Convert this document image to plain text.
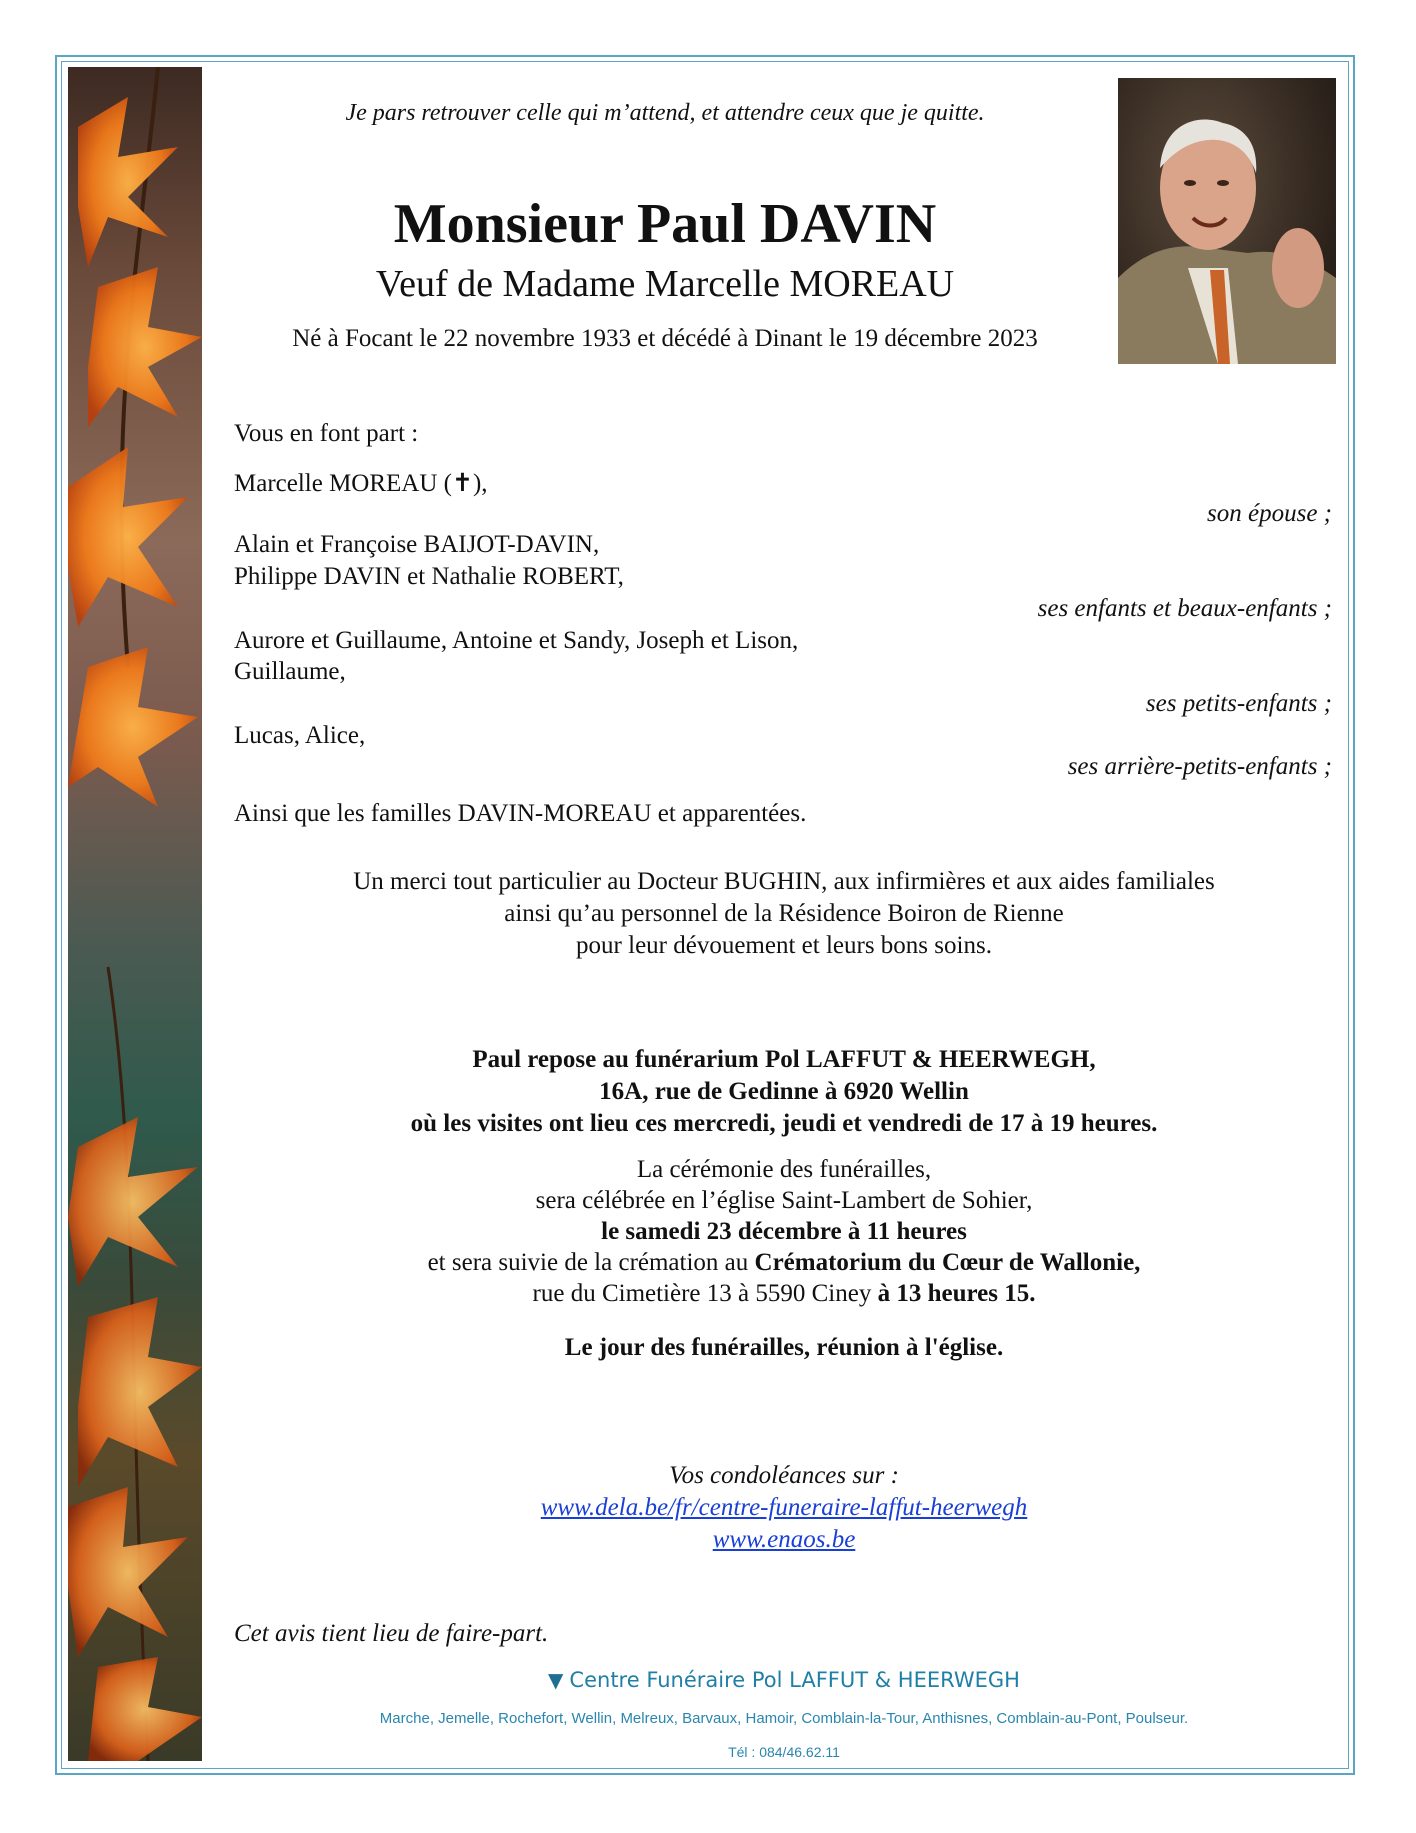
Je pars retrouver celle qui m’attend, et attendre ceux que je quitte.
Monsieur Paul DAVIN
Veuf de Madame Marcelle MOREAU
Né à Focant le 22 novembre 1933 et décédé à Dinant le 19 décembre 2023
Vous en font part :
Marcelle MOREAU (✝),
son épouse ;
Alain et Françoise BAIJOT-DAVIN,
Philippe DAVIN et Nathalie ROBERT,
ses enfants et beaux-enfants ;
Aurore et Guillaume, Antoine et Sandy, Joseph et Lison,
Guillaume,
ses petits-enfants ;
Lucas, Alice,
ses arrière-petits-enfants ;
Ainsi que les familles DAVIN-MOREAU et apparentées.
Un merci tout particulier au Docteur BUGHIN, aux infirmières et aux aides familiales
ainsi qu’au personnel de la Résidence Boiron de Rienne
pour leur dévouement et leurs bons soins.
Paul repose au funérarium Pol LAFFUT & HEERWEGH,
16A, rue de Gedinne à 6920 Wellin
où les visites ont lieu ces mercredi, jeudi et vendredi de 17 à 19 heures.
La cérémonie des funérailles,
sera célébrée en l’église Saint-Lambert de Sohier,
le samedi 23 décembre à 11 heures
et sera suivie de la crémation au Crématorium du Cœur de Wallonie,
rue du Cimetière 13 à 5590 Ciney à 13 heures 15.
Le jour des funérailles, réunion à l'église.
Vos condoléances sur :
www.dela.be/fr/centre-funeraire-laffut-heerwegh
www.enaos.be
Cet avis tient lieu de faire-part.
▼ Centre Funéraire Pol LAFFUT & HEERWEGH
Marche, Jemelle, Rochefort, Wellin, Melreux, Barvaux, Hamoir, Comblain-la-Tour, Anthisnes, Comblain-au-Pont, Poulseur.
Tél : 084/46.62.11
